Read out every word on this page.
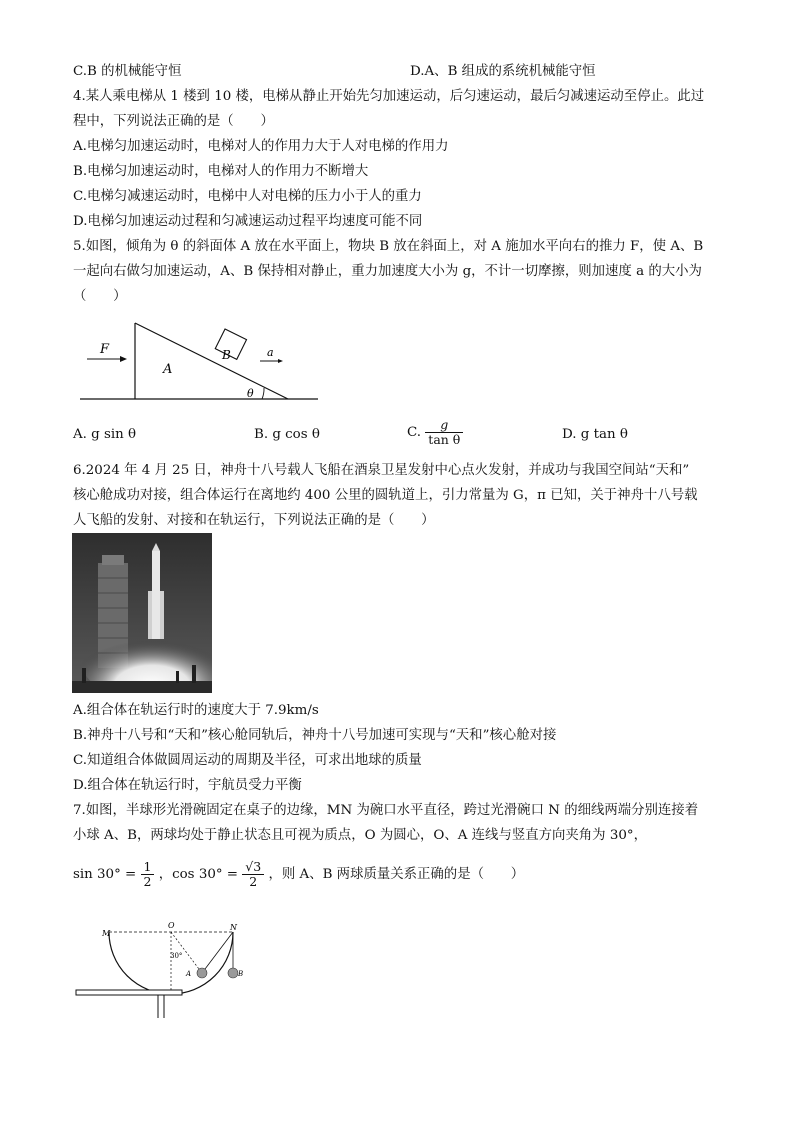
C.B 的机械能守恒	D.A、B 组成的系统机械能守恒
4.某人乘电梯从 1 楼到 10 楼，电梯从静止开始先匀加速运动，后匀速运动，最后匀减速运动至停止。此过
程中，下列说法正确的是（　　）
A.电梯匀加速运动时，电梯对人的作用力大于人对电梯的作用力
B.电梯匀加速运动时，电梯对人的作用力不断增大
C.电梯匀减速运动时，电梯中人对电梯的压力小于人的重力
D.电梯匀加速运动过程和匀减速运动过程平均速度可能不同
5.如图，倾角为 θ 的斜面体 A 放在水平面上，物块 B 放在斜面上，对 A 施加水平向右的推力 F，使 A、B
一起向右做匀加速运动，A、B 保持相对静止，重力加速度大小为 g，不计一切摩擦，则加速度 a 的大小为
（　　）
F
A
B	a
θ
A. g sin θ	B. g cos θ	C. $\frac{g}{\text{tan θ}}$	D. g tan θ
6.2024 年 4 月 25 日，神舟十八号载人飞船在酒泉卫星发射中心点火发射，并成功与我国空间站“天和”
核心舱成功对接，组合体运行在离地约 400 公里的圆轨道上，引力常量为 G，π 已知，关于神舟十八号载
人飞船的发射、对接和在轨运行，下列说法正确的是（　　）
A.组合体在轨运行时的速度大于 7.9km/s
B.神舟十八号和“天和”核心舱同轨后，神舟十八号加速可实现与“天和”核心舱对接
C.知道组合体做圆周运动的周期及半径，可求出地球的质量
D.组合体在轨运行时，宇航员受力平衡
7.如图，半球形光滑碗固定在桌子的边缘，MN 为碗口水平直径，跨过光滑碗口 N 的细线两端分别连接着
小球 A、B，两球均处于静止状态且可视为质点，O 为圆心，O、A 连线与竖直方向夹角为 30°，
$\sin 30^\circ = \frac{1}{2}$ ，$\cos 30^\circ = \frac{√3}{2}$ ，则 A、B 两球质量关系正确的是（　　）
O
M
N
30°
A	B
